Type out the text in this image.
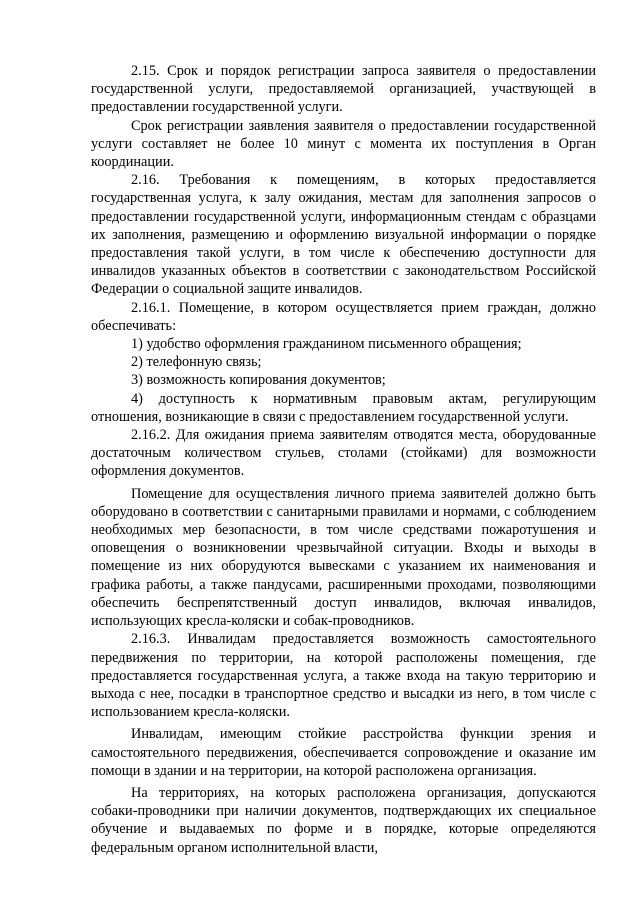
2.15. Срок и порядок регистрации запроса заявителя о предоставлении государственной услуги, предоставляемой организацией, участвующей в предоставлении государственной услуги.

Срок регистрации заявления заявителя о предоставлении государственной услуги составляет не более 10 минут с момента их поступления в Орган координации.

2.16. Требования к помещениям, в которых предоставляется государственная услуга, к залу ожидания, местам для заполнения запросов о предоставлении государственной услуги, информационным стендам с образцами их заполнения, размещению и оформлению визуальной информации о порядке предоставления такой услуги, в том числе к обеспечению доступности для инвалидов указанных объектов в соответствии с законодательством Российской Федерации о социальной защите инвалидов.

2.16.1. Помещение, в котором осуществляется прием граждан, должно обеспечивать:

1) удобство оформления гражданином письменного обращения;

2) телефонную связь;

3) возможность копирования документов;

4) доступность к нормативным правовым актам, регулирующим отношения, возникающие в связи с предоставлением государственной услуги.

2.16.2. Для ожидания приема заявителям отводятся места, оборудованные достаточным количеством стульев, столами (стойками) для возможности оформления документов.

Помещение для осуществления личного приема заявителей должно быть оборудовано в соответствии с санитарными правилами и нормами, с соблюдением необходимых мер безопасности, в том числе средствами пожаротушения и оповещения о возникновении чрезвычайной ситуации. Входы и выходы в помещение из них оборудуются вывесками с указанием их наименования и графика работы, а также пандусами, расширенными проходами, позволяющими обеспечить беспрепятственный доступ инвалидов, включая инвалидов, использующих кресла-коляски и собак-проводников.

2.16.3. Инвалидам предоставляется возможность самостоятельного передвижения по территории, на которой расположены помещения, где предоставляется государственная услуга, а также входа на такую территорию и выхода с нее, посадки в транспортное средство и высадки из него, в том числе с использованием кресла-коляски.

Инвалидам, имеющим стойкие расстройства функции зрения и самостоятельного передвижения, обеспечивается сопровождение и оказание им помощи в здании и на территории, на которой расположена организация.

На территориях, на которых расположена организация, допускаются собаки-проводники при наличии документов, подтверждающих их специальное обучение и выдаваемых по форме и в порядке, которые определяются федеральным органом исполнительной власти,
